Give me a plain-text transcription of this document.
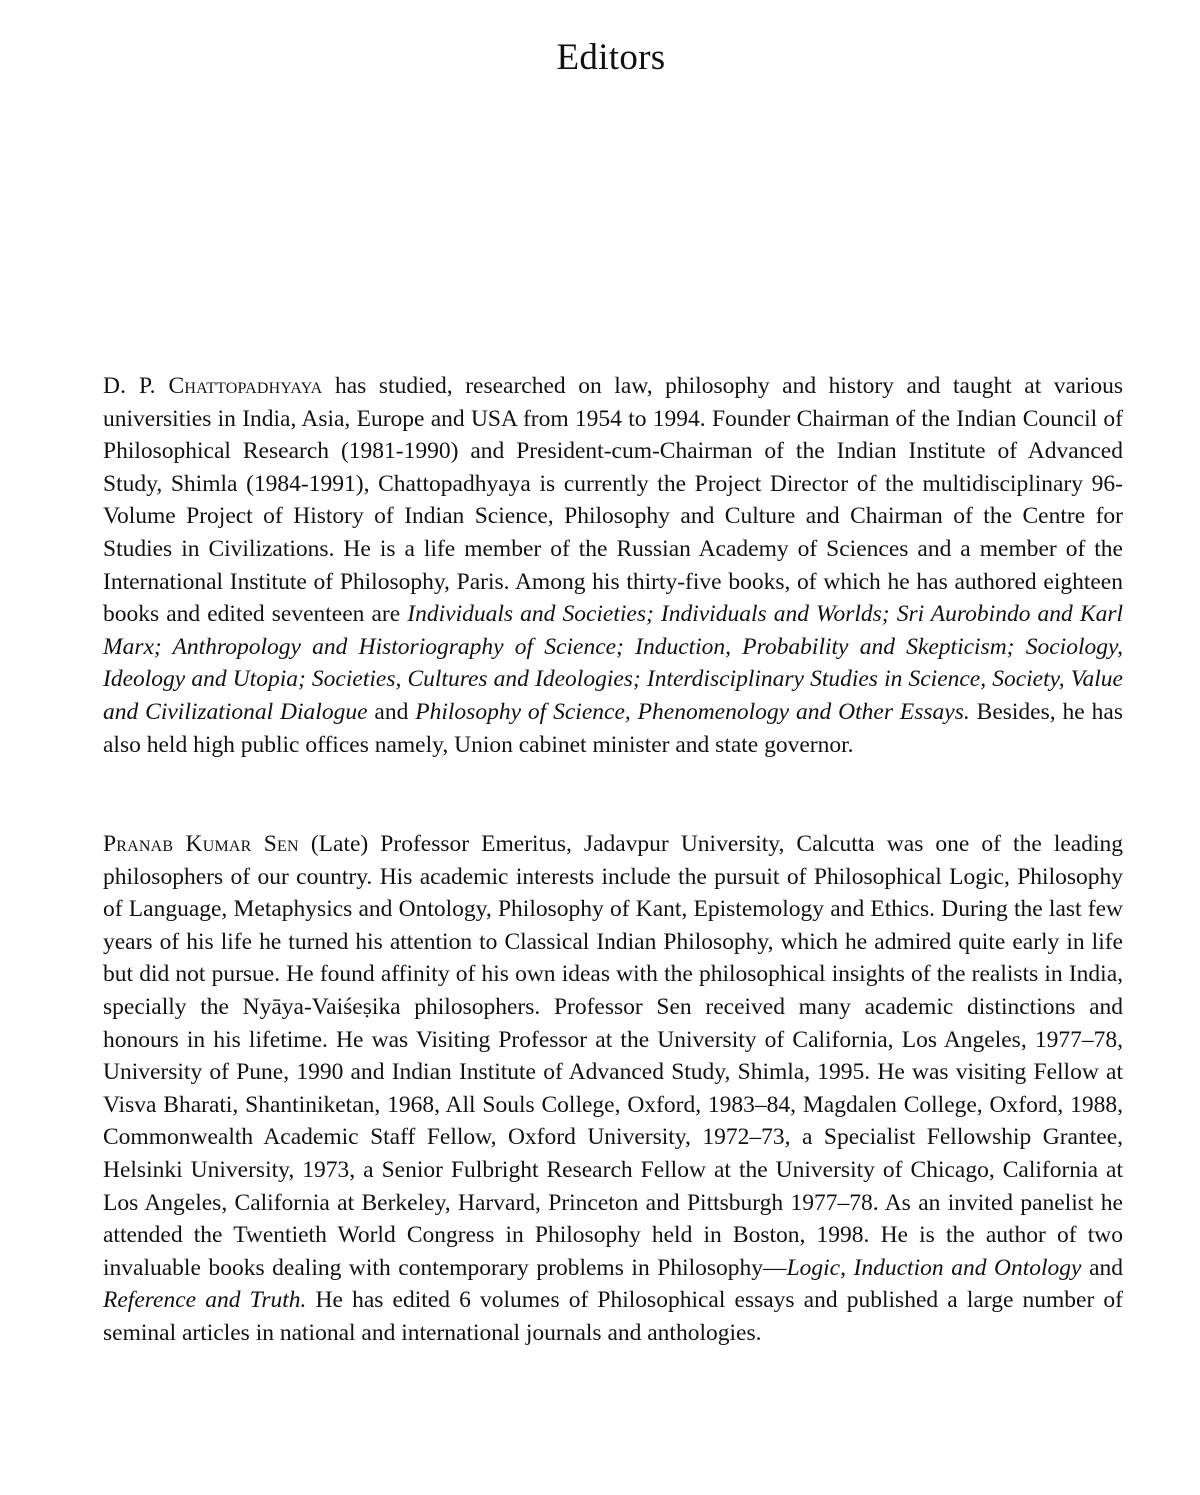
Editors

D. P. Chattopadhyaya has studied, researched on law, philosophy and history and taught at various universities in India, Asia, Europe and USA from 1954 to 1994. Founder Chairman of the Indian Council of Philosophical Research (1981-1990) and President-cum-Chairman of the Indian Institute of Advanced Study, Shimla (1984-1991), Chattopadhyaya is currently the Project Director of the multidisciplinary 96-Volume Project of History of Indian Science, Philosophy and Culture and Chairman of the Centre for Studies in Civilizations. He is a life member of the Russian Academy of Sciences and a member of the International Institute of Philosophy, Paris. Among his thirty-five books, of which he has authored eighteen books and edited seventeen are Individuals and Societies; Individuals and Worlds; Sri Aurobindo and Karl Marx; Anthropology and Historiography of Science; Induction, Probability and Skepticism; Sociology, Ideology and Utopia; Societies, Cultures and Ideologies; Interdisciplinary Studies in Science, Society, Value and Civilizational Dialogue and Philosophy of Science, Phenomenology and Other Essays. Besides, he has also held high public offices namely, Union cabinet minister and state governor.

Pranab Kumar Sen (Late) Professor Emeritus, Jadavpur University, Calcutta was one of the leading philosophers of our country. His academic interests include the pursuit of Philosophical Logic, Philosophy of Language, Metaphysics and Ontology, Philosophy of Kant, Epistemology and Ethics. During the last few years of his life he turned his attention to Classical Indian Philosophy, which he admired quite early in life but did not pursue. He found affinity of his own ideas with the philosophical insights of the realists in India, specially the Nyāya-Vaiśeṣika philosophers. Professor Sen received many academic distinctions and honours in his lifetime. He was Visiting Professor at the University of California, Los Angeles, 1977–78, University of Pune, 1990 and Indian Institute of Advanced Study, Shimla, 1995. He was visiting Fellow at Visva Bharati, Shantiniketan, 1968, All Souls College, Oxford, 1983–84, Magdalen College, Oxford, 1988, Commonwealth Academic Staff Fellow, Oxford University, 1972–73, a Specialist Fellowship Grantee, Helsinki University, 1973, a Senior Fulbright Research Fellow at the University of Chicago, California at Los Angeles, California at Berkeley, Harvard, Princeton and Pittsburgh 1977–78. As an invited panelist he attended the Twentieth World Congress in Philosophy held in Boston, 1998. He is the author of two invaluable books dealing with contemporary problems in Philosophy—Logic, Induction and Ontology and Reference and Truth. He has edited 6 volumes of Philosophical essays and published a large number of seminal articles in national and international journals and anthologies.
